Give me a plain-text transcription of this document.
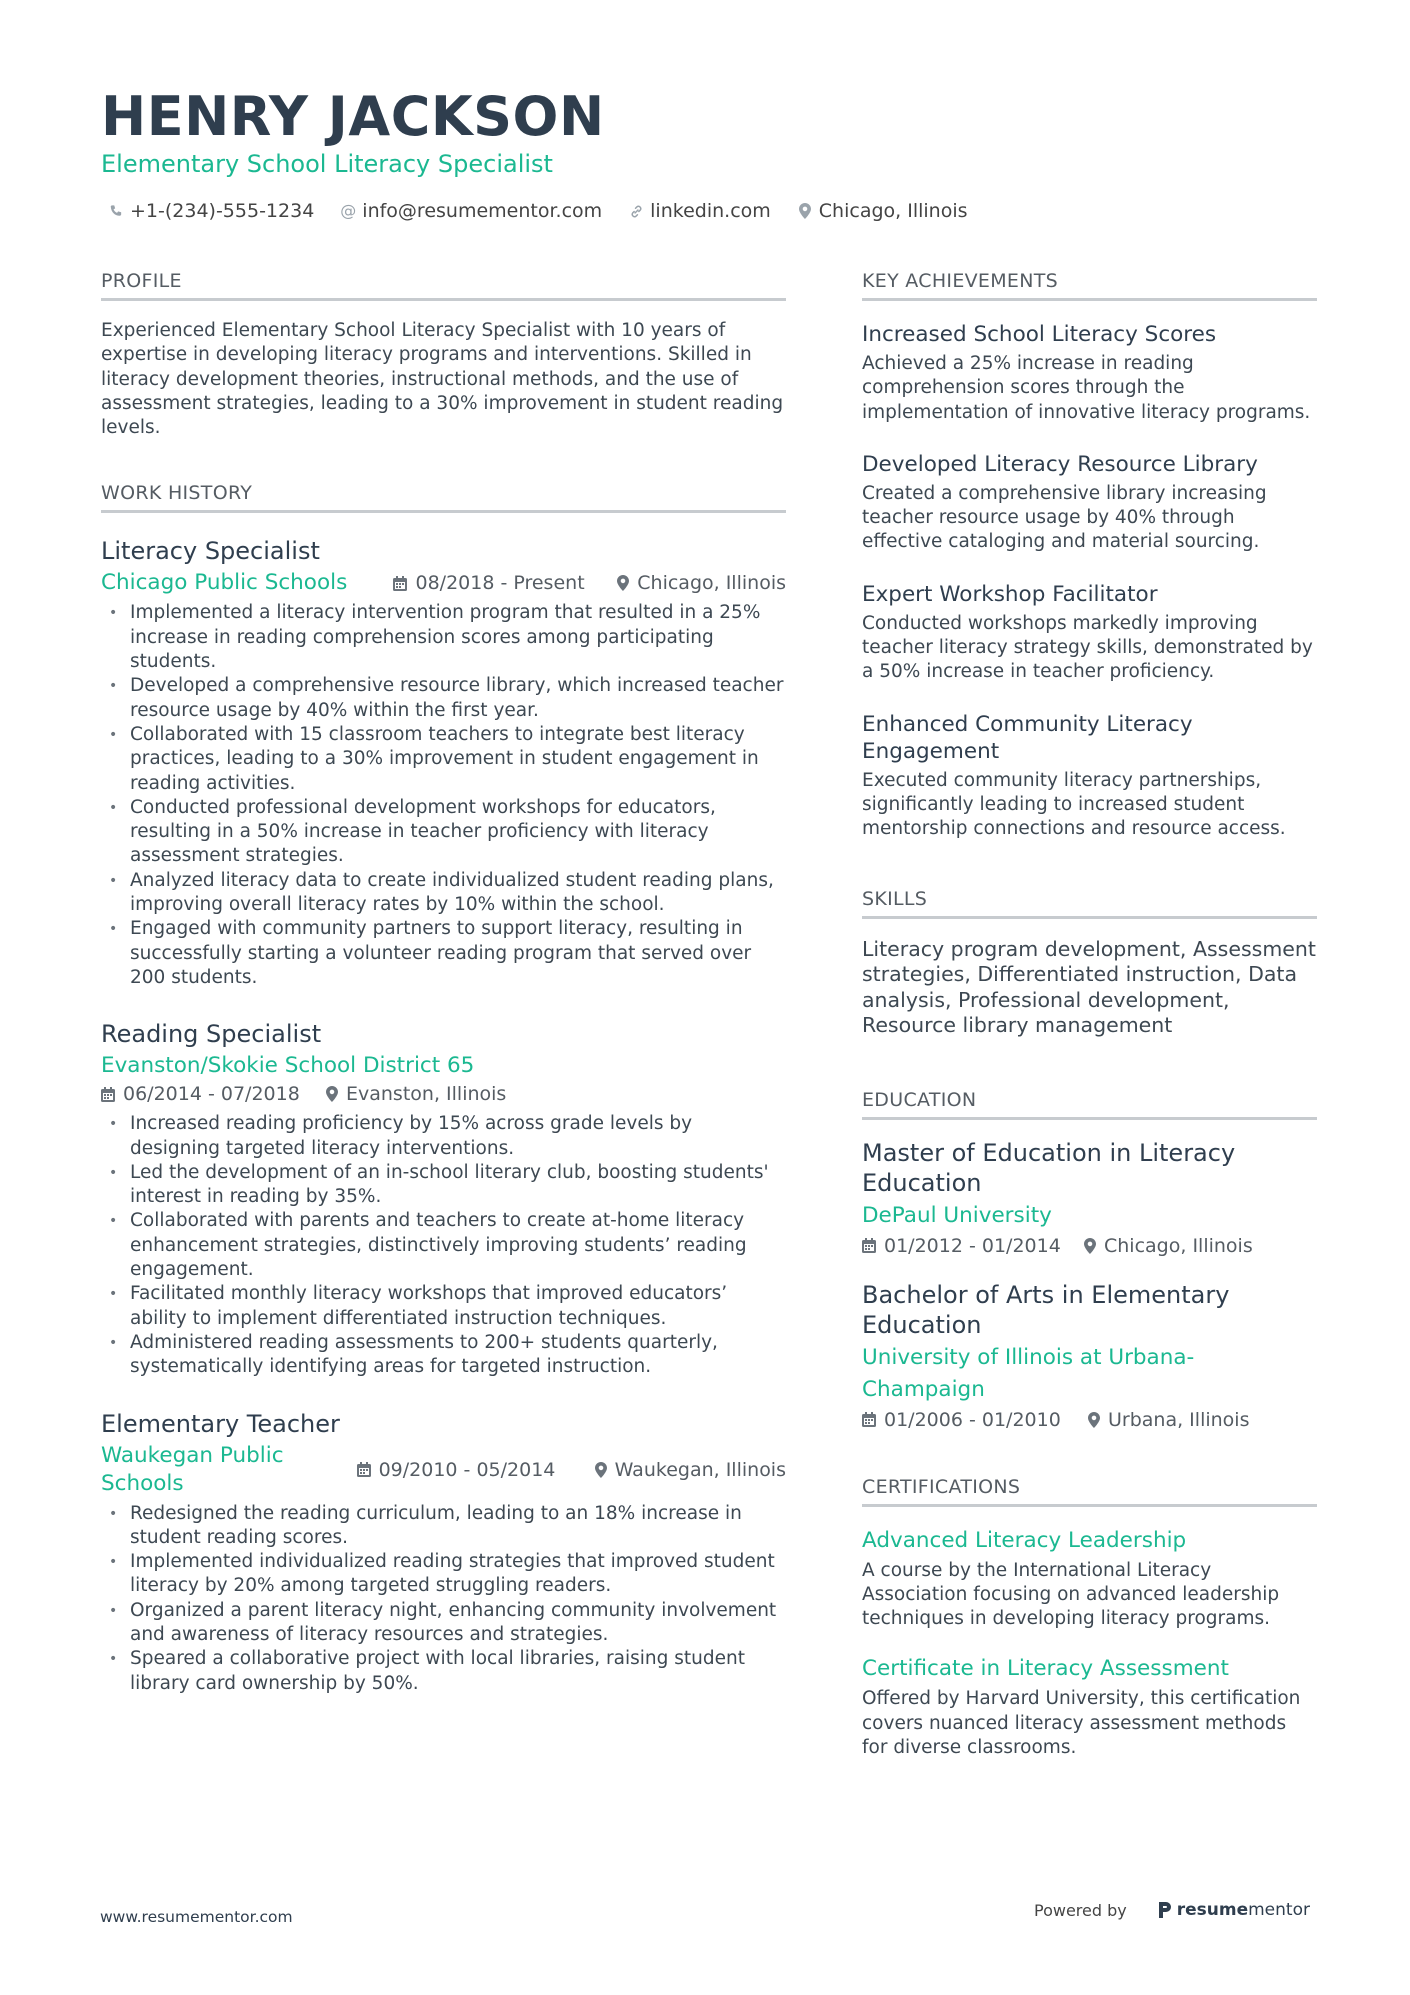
HENRY JACKSON
Elementary School Literacy Specialist
+1-(234)-555-1234 @ info@resumementor.com	linkedin.com	Chicago, Illinois
PROFILE
Experienced Elementary School Literacy Specialist with 10 years of expertise in developing literacy programs and interventions. Skilled in literacy development theories, instructional methods, and the use of assessment strategies, leading to a 30% improvement in student reading levels.
WORK HISTORY
Literacy Specialist
Chicago Public Schools	08/2018 - Present	Chicago, Illinois
• Implemented a literacy intervention program that resulted in a 25% increase in reading comprehension scores among participating students.
• Developed a comprehensive resource library, which increased teacher resource usage by 40% within the first year.
• Collaborated with 15 classroom teachers to integrate best literacy practices, leading to a 30% improvement in student engagement in reading activities.
• Conducted professional development workshops for educators, resulting in a 50% increase in teacher proficiency with literacy assessment strategies.
• Analyzed literacy data to create individualized student reading plans, improving overall literacy rates by 10% within the school.
• Engaged with community partners to support literacy, resulting in successfully starting a volunteer reading program that served over 200 students.
Reading Specialist
Evanston/Skokie School District 65
06/2014 - 07/2018 Evanston, Illinois
• Increased reading proficiency by 15% across grade levels by designing targeted literacy interventions.
• Led the development of an in-school literary club, boosting students' interest in reading by 35%.
• Collaborated with parents and teachers to create at-home literacy enhancement strategies, distinctively improving students’ reading engagement.
• Facilitated monthly literacy workshops that improved educators’ ability to implement differentiated instruction techniques.
• Administered reading assessments to 200+ students quarterly, systematically identifying areas for targeted instruction.
Elementary Teacher
Waukegan Public Schools
09/2010 - 05/2014	Waukegan, Illinois
• Redesigned the reading curriculum, leading to an 18% increase in student reading scores.
• Implemented individualized reading strategies that improved student literacy by 20% among targeted struggling readers.
• Organized a parent literacy night, enhancing community involvement and awareness of literacy resources and strategies.
• Speared a collaborative project with local libraries, raising student library card ownership by 50%.
KEY ACHIEVEMENTS
Increased School Literacy Scores
Achieved a 25% increase in reading comprehension scores through the implementation of innovative literacy programs.
Developed Literacy Resource Library
Created a comprehensive library increasing teacher resource usage by 40% through effective cataloging and material sourcing.
Expert Workshop Facilitator
Conducted workshops markedly improving teacher literacy strategy skills, demonstrated by a 50% increase in teacher proficiency.
Enhanced Community Literacy Engagement
Executed community literacy partnerships, significantly leading to increased student mentorship connections and resource access.
SKILLS
Literacy program development, Assessment strategies, Differentiated instruction, Data analysis, Professional development, Resource library management
EDUCATION
Master of Education in Literacy Education
DePaul University
01/2012 - 01/2014 Chicago, Illinois
Bachelor of Arts in Elementary Education
University of Illinois at Urbana-Champaign
01/2006 - 01/2010 Urbana, Illinois
CERTIFICATIONS
Advanced Literacy Leadership
A course by the International Literacy Association focusing on advanced leadership techniques in developing literacy programs.
Certificate in Literacy Assessment
Offered by Harvard University, this certification covers nuanced literacy assessment methods for diverse classrooms.
www.resumementor.com	Powered by	resume mentor
